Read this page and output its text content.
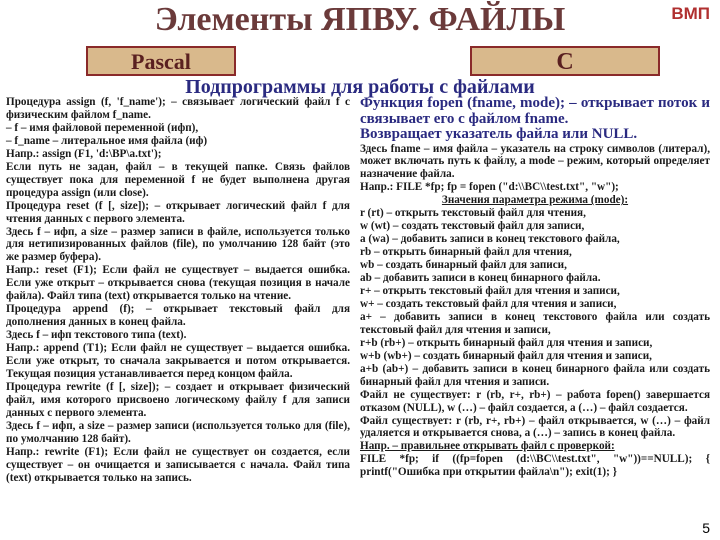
Элементы ЯПВУ. ФАЙЛЫ	ВМП
Pascal	C
Подпрограммы для работы с файлами

Процедура assign (f, 'f_name'); – связывает логический файл f с физическим файлом f_name.

– f – имя файловой переменной (ифп),

– f_name – литеральное имя файла (иф)

Напр.: assign (F1, 'd:\BP\a.txt');

Если путь не задан, файл – в текущей папке. Связь файлов существует пока для переменной f не будет выполнена другая процедура assign (или close).

Процедура reset (f [, size]); – открывает логический файл f для чтения данных с первого элемента.

Здесь f – ифп, а size – размер записи в файле, используется только для нетипизированных файлов (file), по умолчанию 128 байт (это же размер буфера).

Напр.: reset (F1); Если файл не существует – выдается ошибка. Если уже открыт – открывается снова (текущая позиция в начале файла). Файл типа (text) открывается только на чтение.

Процедура append (f); – открывает текстовый файл для дополнения данных в конец файла.

Здесь f – ифп текстового типа (text).

Напр.: append (T1); Если файл не существует – выдается ошибка. Если уже открыт, то сначала закрывается и потом открывается. Текущая позиция устанавливается перед концом файла.

Процедура rewrite (f [, size]); – создает и открывает физический файл, имя которого присвоено логическому файлу f для записи данных с первого элемента.

Здесь f – ифп, а size – размер записи (используется только для (file), по умолчанию 128 байт).

Напр.: rewrite (F1); Если файл не существует он создается, если существует – он очищается и записывается с начала. Файл типа (text) открывается только на запись.

Функция fopen (fname, mode); – открывает поток и связывает его с файлом fname.

Возвращает указатель файла или NULL.

Здесь fname – имя файла – указатель на строку символов (литерал), может включать путь к файлу, а mode – режим, который определяет назначение файла.

Напр.: FILE *fp; fp = fopen ("d:\\BC\\test.txt", "w");

Значения параметра режима (mode):

r (rt) – открыть текстовый файл для чтения,

w (wt) – создать текстовый файл для записи,

a (wa) – добавить записи в конец текстового файла,

rb – открыть бинарный файл для чтения,

wb – создать бинарный файл для записи,

ab – добавить записи в конец бинарного файла.

r+ – открыть текстовый файл для чтения и записи,

w+ – создать текстовый файл для чтения и записи,

a+ – добавить записи в конец текстового файла или создать текстовый файл для чтения и записи,

r+b (rb+) – открыть бинарный файл для чтения и записи,

w+b (wb+) – создать бинарный файл для чтения и записи,

a+b (ab+) – добавить записи в конец бинарного файла или создать бинарный файл для чтения и записи.

Файл не существует: r (rb, r+, rb+) – работа fopen() завершается отказом (NULL), w (…) – файл создается, a (…) – файл создается.

Файл существует: r (rb, r+, rb+) – файл открывается, w (…) – файл удаляется и открывается снова, a (…) – запись в конец файла.

Напр. – правильнее открывать файл с проверкой:

FILE *fp; if ((fp=fopen (d:\\BC\\test.txt", "w"))==NULL); { printf("Ошибка при открытии файла\n"); exit(1); }

5
